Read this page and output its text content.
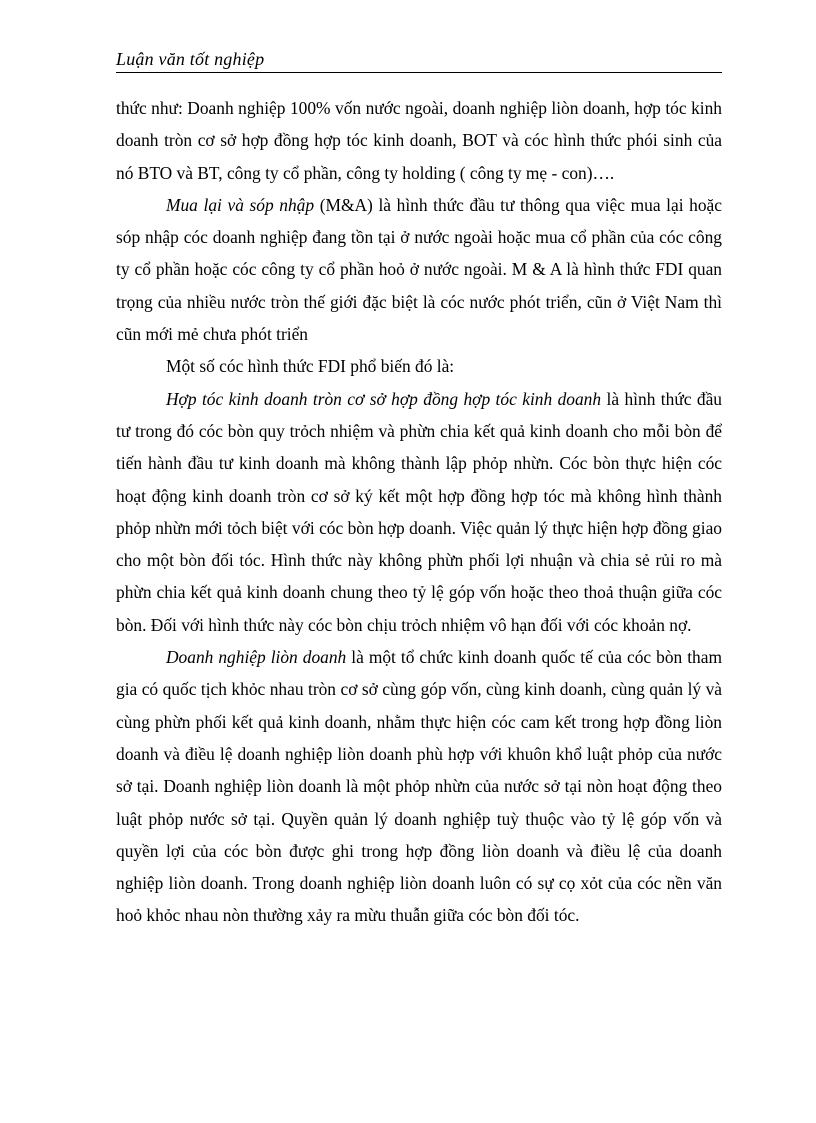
Luận văn tốt nghiệp

thức như: Doanh nghiệp 100% vốn nước ngoài, doanh nghiệp liòn doanh, hợp tóc kinh doanh tròn cơ sở hợp đồng hợp tóc kinh doanh, BOT và cóc hình thức phói sinh của nó BTO và BT, công ty cổ phần, công ty holding ( công ty mẹ - con)….

Mua lại và sóp nhập (M&A) là hình thức đầu tư thông qua việc mua lại hoặc sóp nhập cóc doanh nghiệp đang tồn tại ở nước ngoài hoặc mua cổ phần của cóc công ty cổ phần hoặc cóc công ty cổ phần hoỏ ở nước ngoài. M & A là hình thức FDI quan trọng của nhiều nước tròn thế giới đặc biệt là cóc nước phót triển, cũn ở Việt Nam thì cũn mới mẻ chưa phót triển

Một số cóc hình thức FDI phổ biến đó là:

Hợp tóc kinh doanh tròn cơ sở hợp đồng hợp tóc kinh doanh là hình thức đầu tư trong đó cóc bòn quy trỏch nhiệm và phừn chia kết quả kinh doanh cho mỗi bòn để tiến hành đầu tư kinh doanh mà không thành lập phỏp nhừn. Cóc bòn thực hiện cóc hoạt động kinh doanh tròn cơ sở ký kết một hợp đồng hợp tóc mà không hình thành phỏp nhừn mới tỏch biệt với cóc bòn hợp doanh. Việc quản lý thực hiện hợp đồng giao cho một bòn đối tóc. Hình thức này không phừn phối lợi nhuận và chia sẻ rủi ro mà phừn chia kết quả kinh doanh chung theo tỷ lệ góp vốn hoặc theo thoả thuận giữa cóc bòn. Đối với hình thức này cóc bòn chịu trỏch nhiệm vô hạn đối với cóc khoản nợ.

Doanh nghiệp liòn doanh là một tổ chức kinh doanh quốc tế của cóc bòn tham gia có quốc tịch khỏc nhau tròn cơ sở cùng góp vốn, cùng kinh doanh, cùng quản lý và cùng phừn phối kết quả kinh doanh, nhằm thực hiện cóc cam kết trong hợp đồng liòn doanh và điều lệ doanh nghiệp liòn doanh phù hợp với khuôn khổ luật phỏp của nước sở tại. Doanh nghiệp liòn doanh là một phỏp nhừn của nước sở tại nòn hoạt động theo luật phỏp nước sở tại. Quyền quản lý doanh nghiệp tuỳ thuộc vào tỷ lệ góp vốn và quyền lợi của cóc bòn được ghi trong hợp đồng liòn doanh và điều lệ của doanh nghiệp liòn doanh. Trong doanh nghiệp liòn doanh luôn có sự cọ xỏt của cóc nền văn hoỏ khỏc nhau nòn thường xảy ra mừu thuẫn giữa cóc bòn đối tóc.
